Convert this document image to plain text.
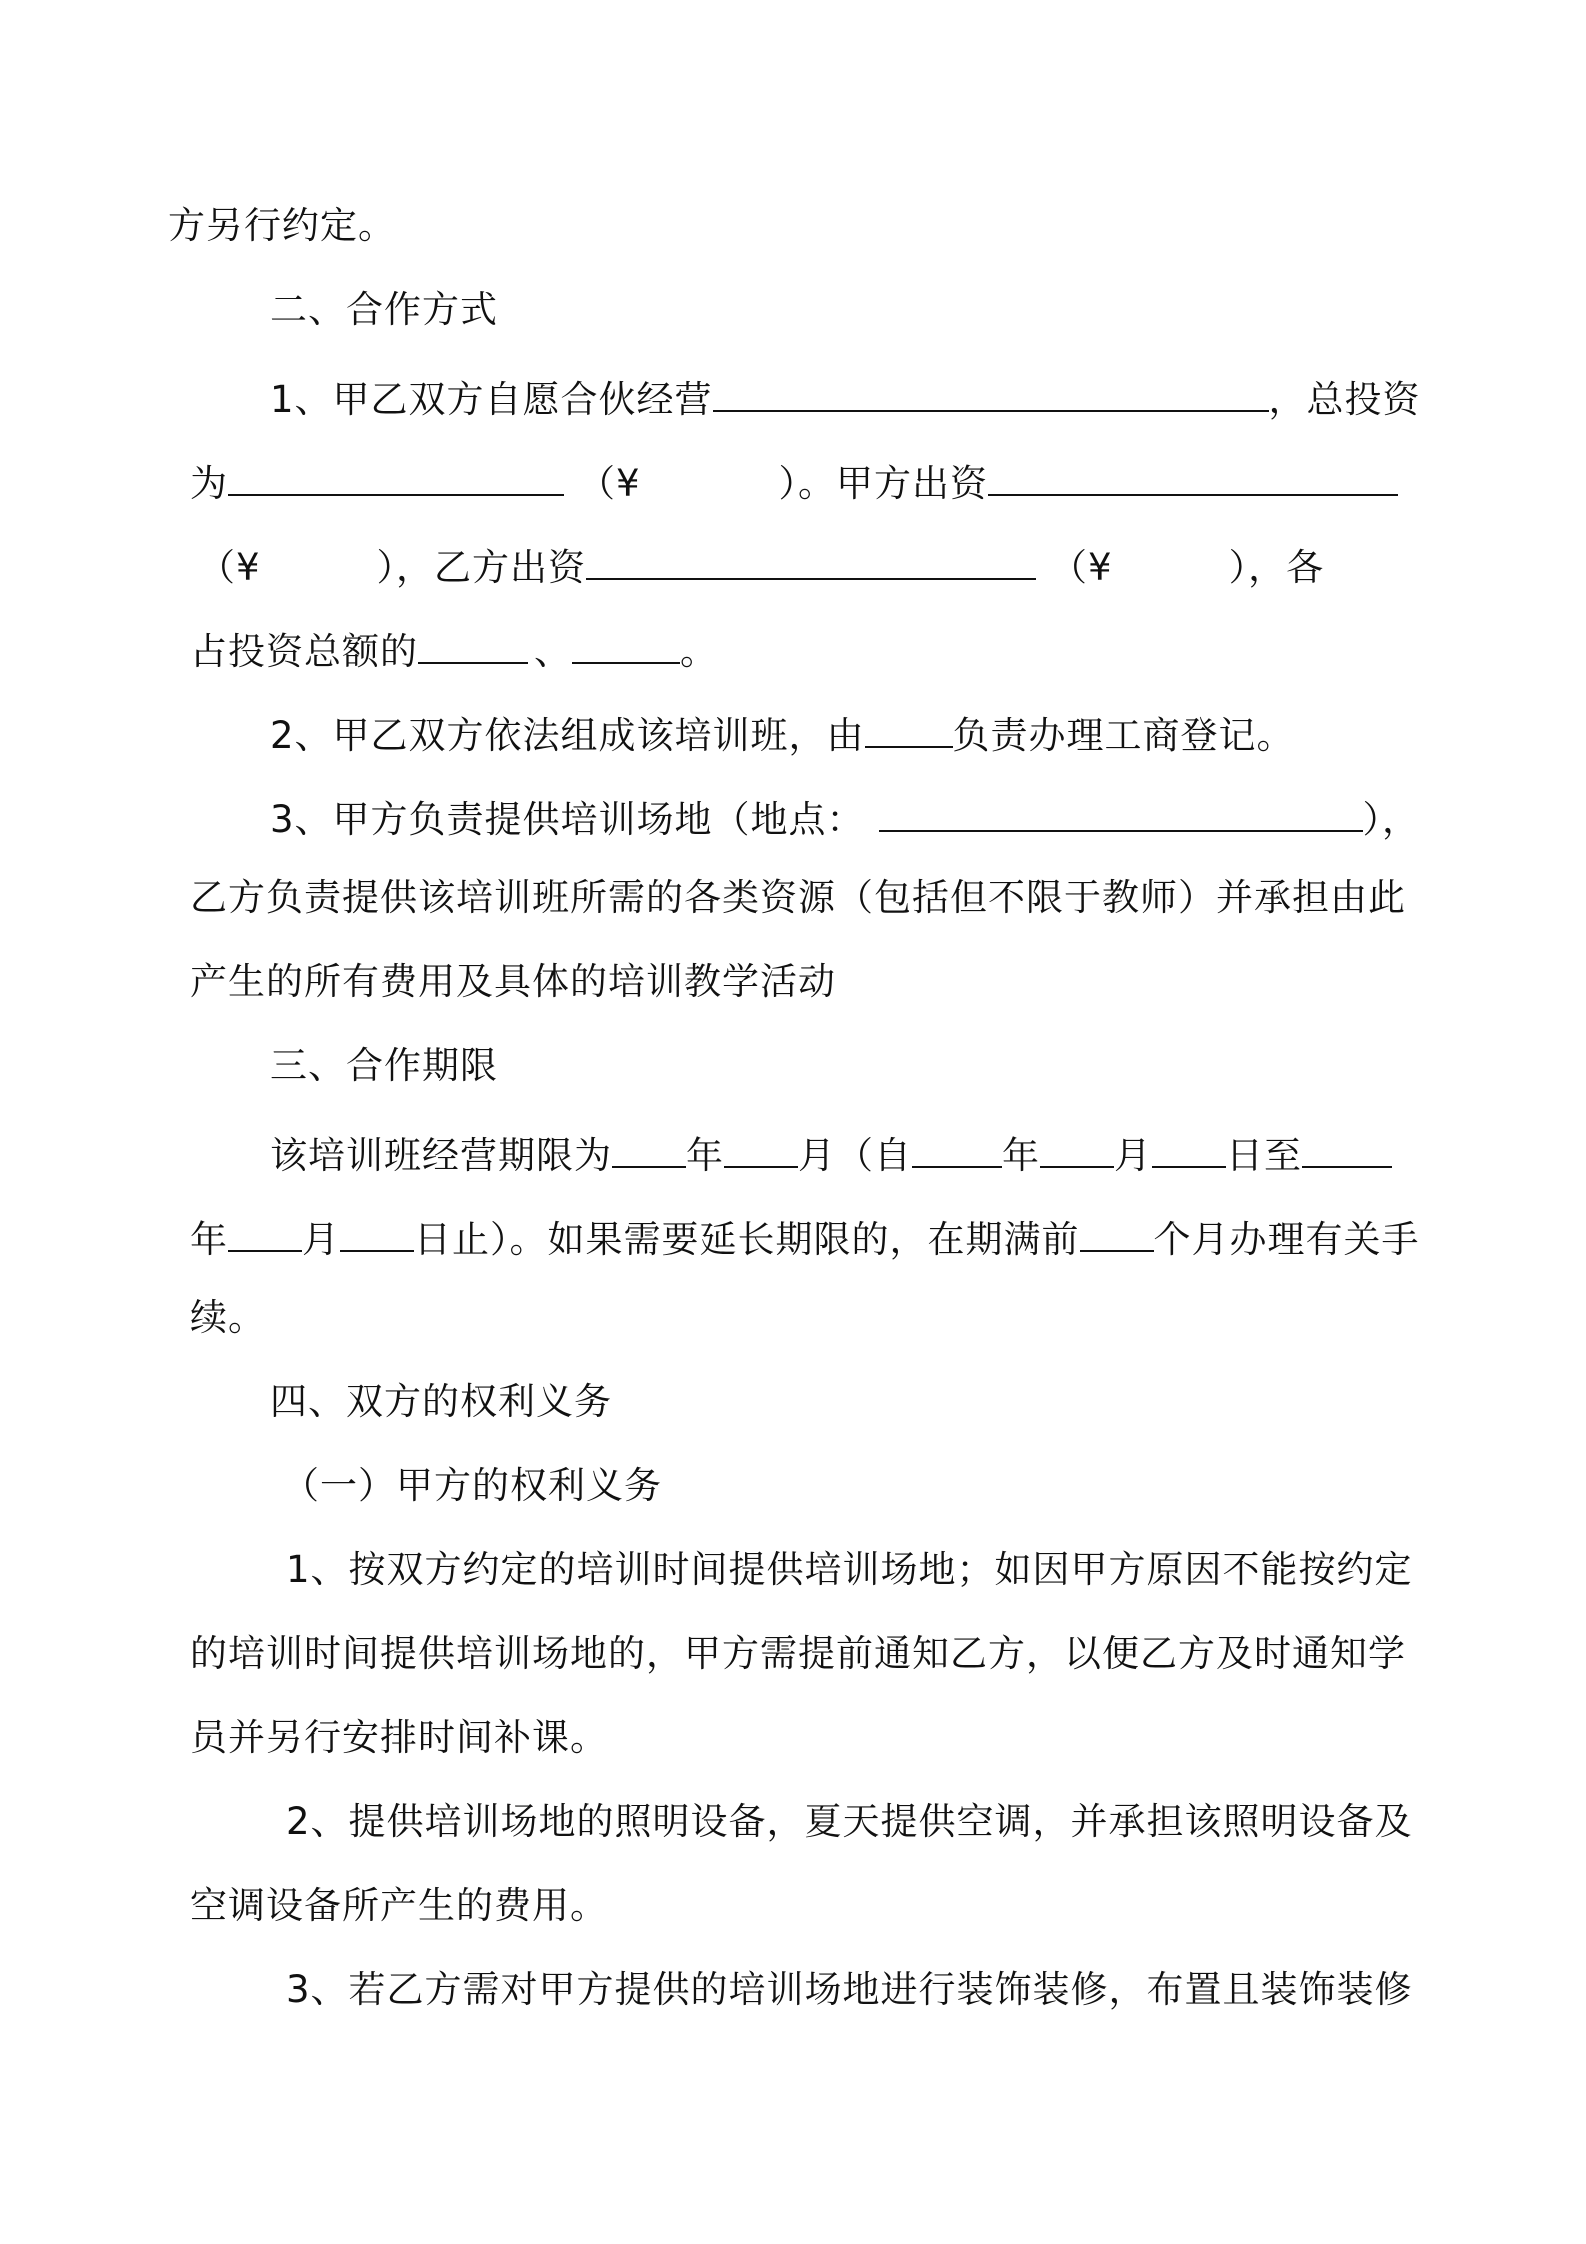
方另行约定。
二、合作方式
1、甲乙双方自愿合伙经营	，总投资
为	（¥	）。甲方出资
（¥	），乙方出资	（¥	），各
占投资总额的	、	。
2、甲乙双方依法组成该培训班，由 负责办理工商登记。
3、甲方负责提供培训场地（地点：	），
乙方负责提供该培训班所需的各类资源（包括但不限于教师）并承担由此
产生的所有费用及具体的培训教学活动
三、合作期限
该培训班经营期限为 年 月（自 年 月 日至
年 月 日止）。如果需要延长期限的，在期满前 个月办理有关手
续。
四、双方的权利义务
（一）甲方的权利义务
1、按双方约定的培训时间提供培训场地；如因甲方原因不能按约定
的培训时间提供培训场地的，甲方需提前通知乙方，以便乙方及时通知学
员并另行安排时间补课。
2、提供培训场地的照明设备，夏天提供空调，并承担该照明设备及
空调设备所产生的费用。
3、若乙方需对甲方提供的培训场地进行装饰装修，布置且装饰装修
